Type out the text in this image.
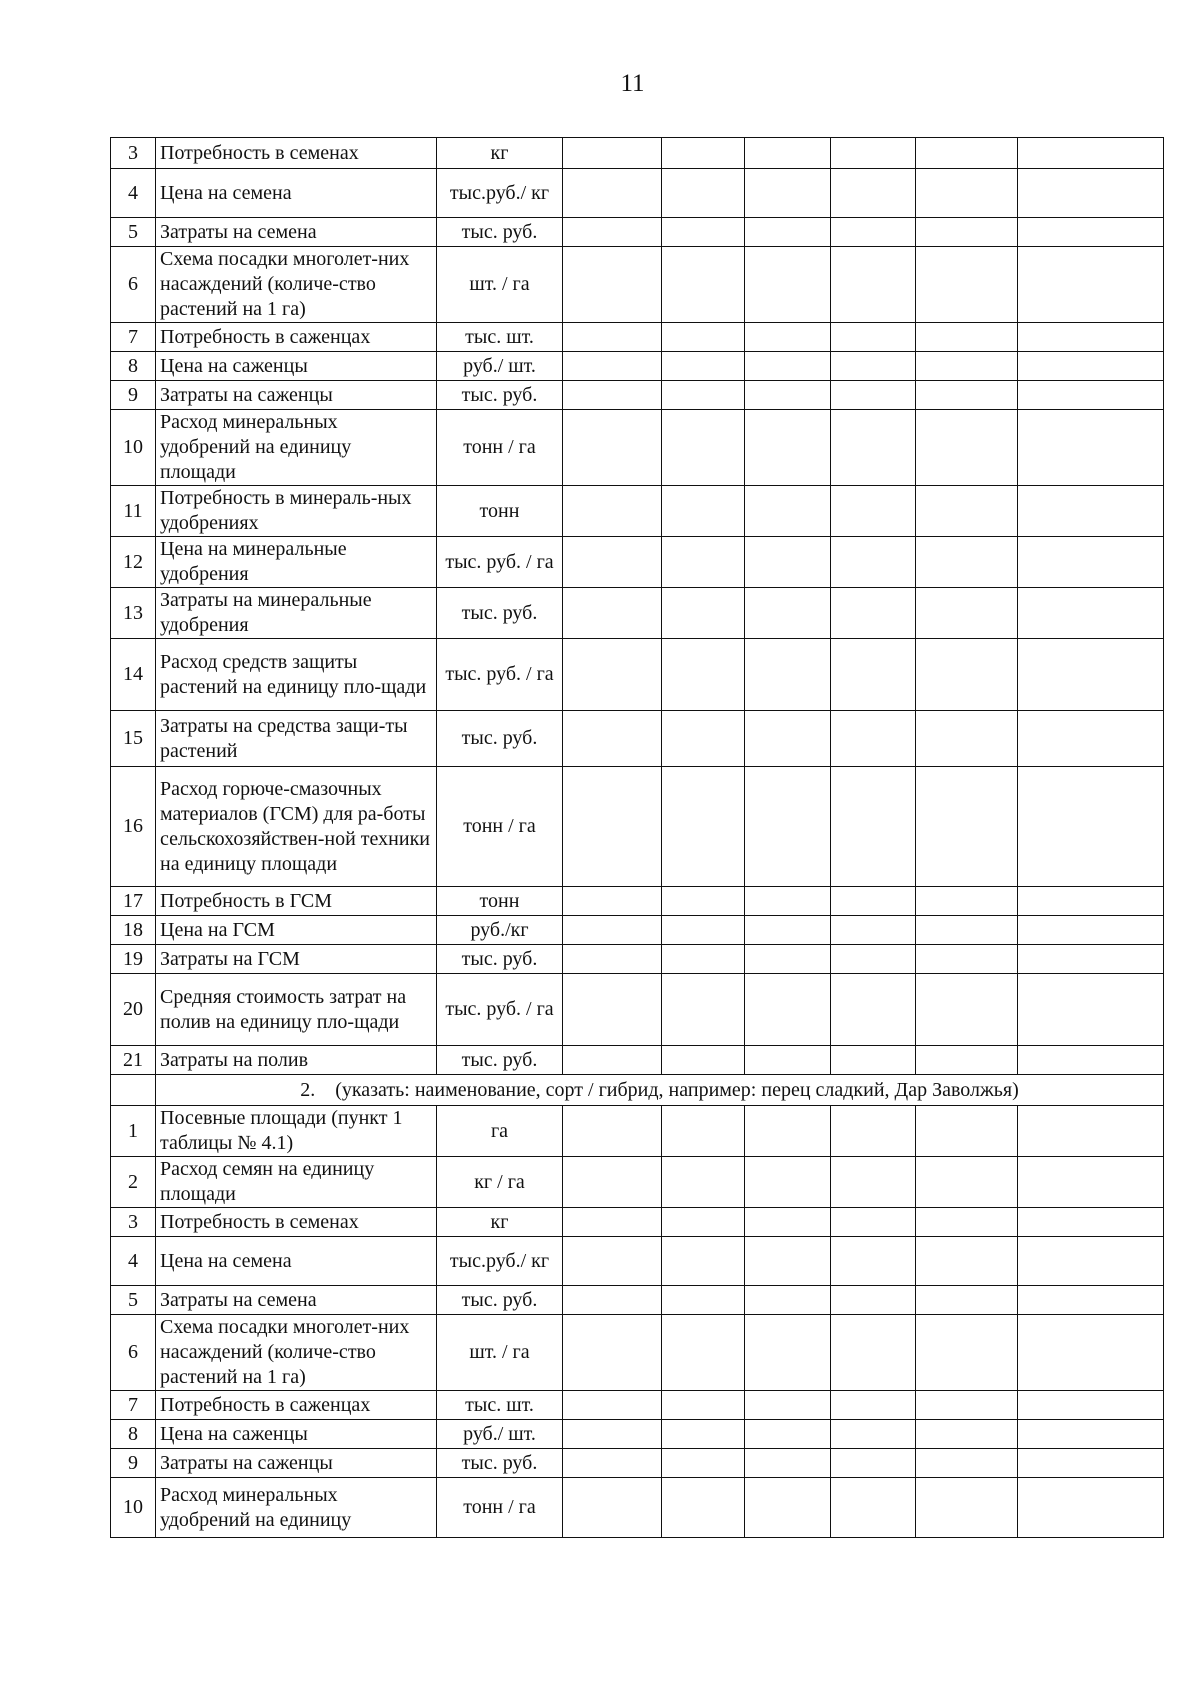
11
3	Потребность в семенах	кг						
4	Цена на семена	тыс.руб./ кг						
5	Затраты на семена	тыс. руб.						
6	Схема посадки многолет-них насаждений (количе-ство растений на 1 га)	шт. / га						
7	Потребность в саженцах	тыс. шт.						
8	Цена на саженцы	руб./ шт.						
9	Затраты на саженцы	тыс. руб.						
10	Расход минеральных удобрений на единицу площади	тонн / га						
11	Потребность в минераль-ных удобрениях	тонн						
12	Цена на минеральные удобрения	тыс. руб. / га						
13	Затраты на минеральные удобрения	тыс. руб.						
14	Расход средств защиты растений на единицу пло-щади	тыс. руб. / га						
15	Затраты на средства защи-ты растений	тыс. руб.						
16	Расход горюче-смазочных материалов (ГСМ) для ра-боты сельскохозяйствен-ной техники на единицу площади	тонн / га						
17	Потребность в ГСМ	тонн						
18	Цена на ГСМ	руб./кг						
19	Затраты на ГСМ	тыс. руб.						
20	Средняя стоимость затрат на полив на единицу пло-щади	тыс. руб. / га						
21	Затраты на полив	тыс. руб.						
	2. (указать: наименование, сорт / гибрид, например: перец сладкий, Дар Заволжья)							
1	Посевные площади (пункт 1 таблицы № 4.1)	га						
2	Расход семян на единицу площади	кг / га						
3	Потребность в семенах	кг						
4	Цена на семена	тыс.руб./ кг						
5	Затраты на семена	тыс. руб.						
6	Схема посадки многолет-них насаждений (количе-ство растений на 1 га)	шт. / га						
7	Потребность в саженцах	тыс. шт.						
8	Цена на саженцы	руб./ шт.						
9	Затраты на саженцы	тыс. руб.						
10	Расход минеральных удобрений на единицу	тонн / га						
